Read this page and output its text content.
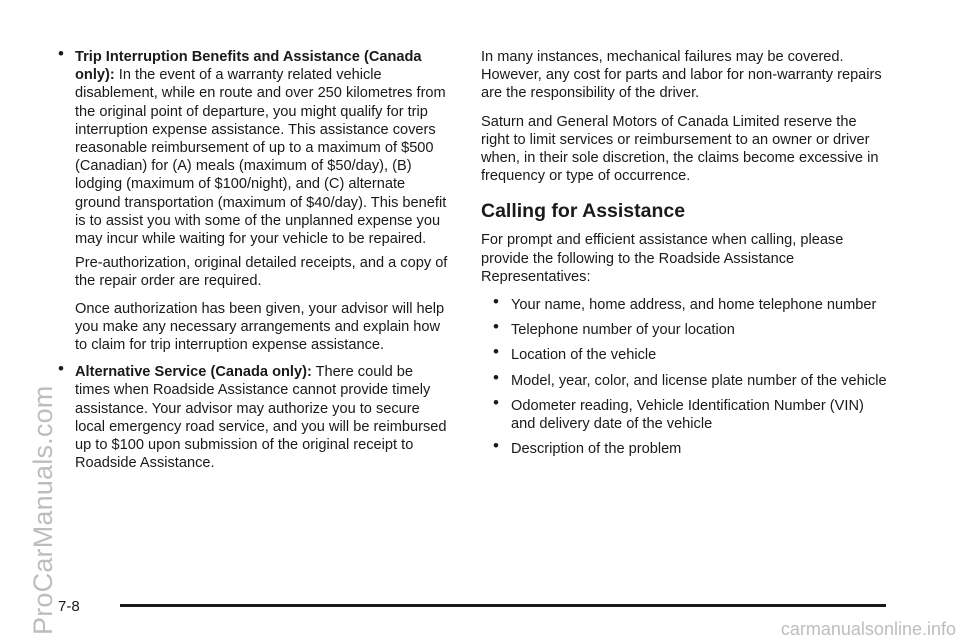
ProCarManuals.com
• Trip Interruption Benefits and Assistance (Canada only): In the event of a warranty related vehicle disablement, while en route and over 250 kilometres from the original point of departure, you might qualify for trip interruption expense assistance. This assistance covers reasonable reimbursement of up to a maximum of $500 (Canadian) for (A) meals (maximum of $50/day), (B) lodging (maximum of $100/night), and (C) alternate ground transportation (maximum of $40/day). This benefit is to assist you with some of the unplanned expense you may incur while waiting for your vehicle to be repaired.
Pre-authorization, original detailed receipts, and a copy of the repair order are required.
Once authorization has been given, your advisor will help you make any necessary arrangements and explain how to claim for trip interruption expense assistance.
• Alternative Service (Canada only): There could be times when Roadside Assistance cannot provide timely assistance. Your advisor may authorize you to secure local emergency road service, and you will be reimbursed up to $100 upon submission of the original receipt to Roadside Assistance.

In many instances, mechanical failures may be covered. However, any cost for parts and labor for non-warranty repairs are the responsibility of the driver.

Saturn and General Motors of Canada Limited reserve the right to limit services or reimbursement to an owner or driver when, in their sole discretion, the claims become excessive in frequency or type of occurrence.

Calling for Assistance

For prompt and efficient assistance when calling, please provide the following to the Roadside Assistance Representatives:

• Your name, home address, and home telephone number
• Telephone number of your location
• Location of the vehicle
• Model, year, color, and license plate number of the vehicle
• Odometer reading, Vehicle Identification Number (VIN) and delivery date of the vehicle
• Description of the problem
7-8
carmanualsonline.info
